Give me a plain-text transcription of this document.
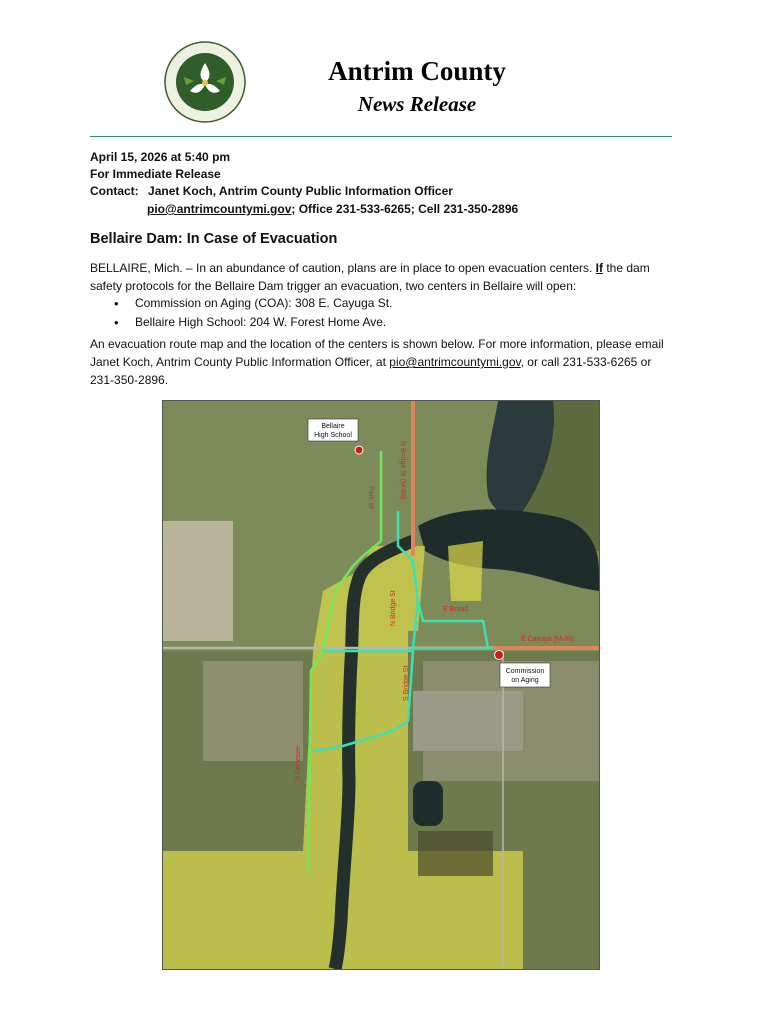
Antrim County
News Release
April 15, 2026 at 5:40 pm
For Immediate Release
Contact: Janet Koch, Antrim County Public Information Officer
pio@antrimcountymi.gov; Office 231-533-6265; Cell 231-350-2896
Bellaire Dam: In Case of Evacuation
BELLAIRE, Mich. – In an abundance of caution, plans are in place to open evacuation centers. If the dam safety protocols for the Bellaire Dam trigger an evacuation, two centers in Bellaire will open:
• Commission on Aging (COA): 308 E. Cayuga St.
• Bellaire High School: 204 W. Forest Home Ave.
An evacuation route map and the location of the centers is shown below. For more information, please email Janet Koch, Antrim County Public Information Officer, at pio@antrimcountymi.gov, or call 231-533-6265 or 231-350-2896.
Bellaire
High School
Commission
on Aging
N Bridge St (M-88)
E Broad
E Cayuga (M-88)
S Genesee
S Bridge St
Park St
N Bridge St
